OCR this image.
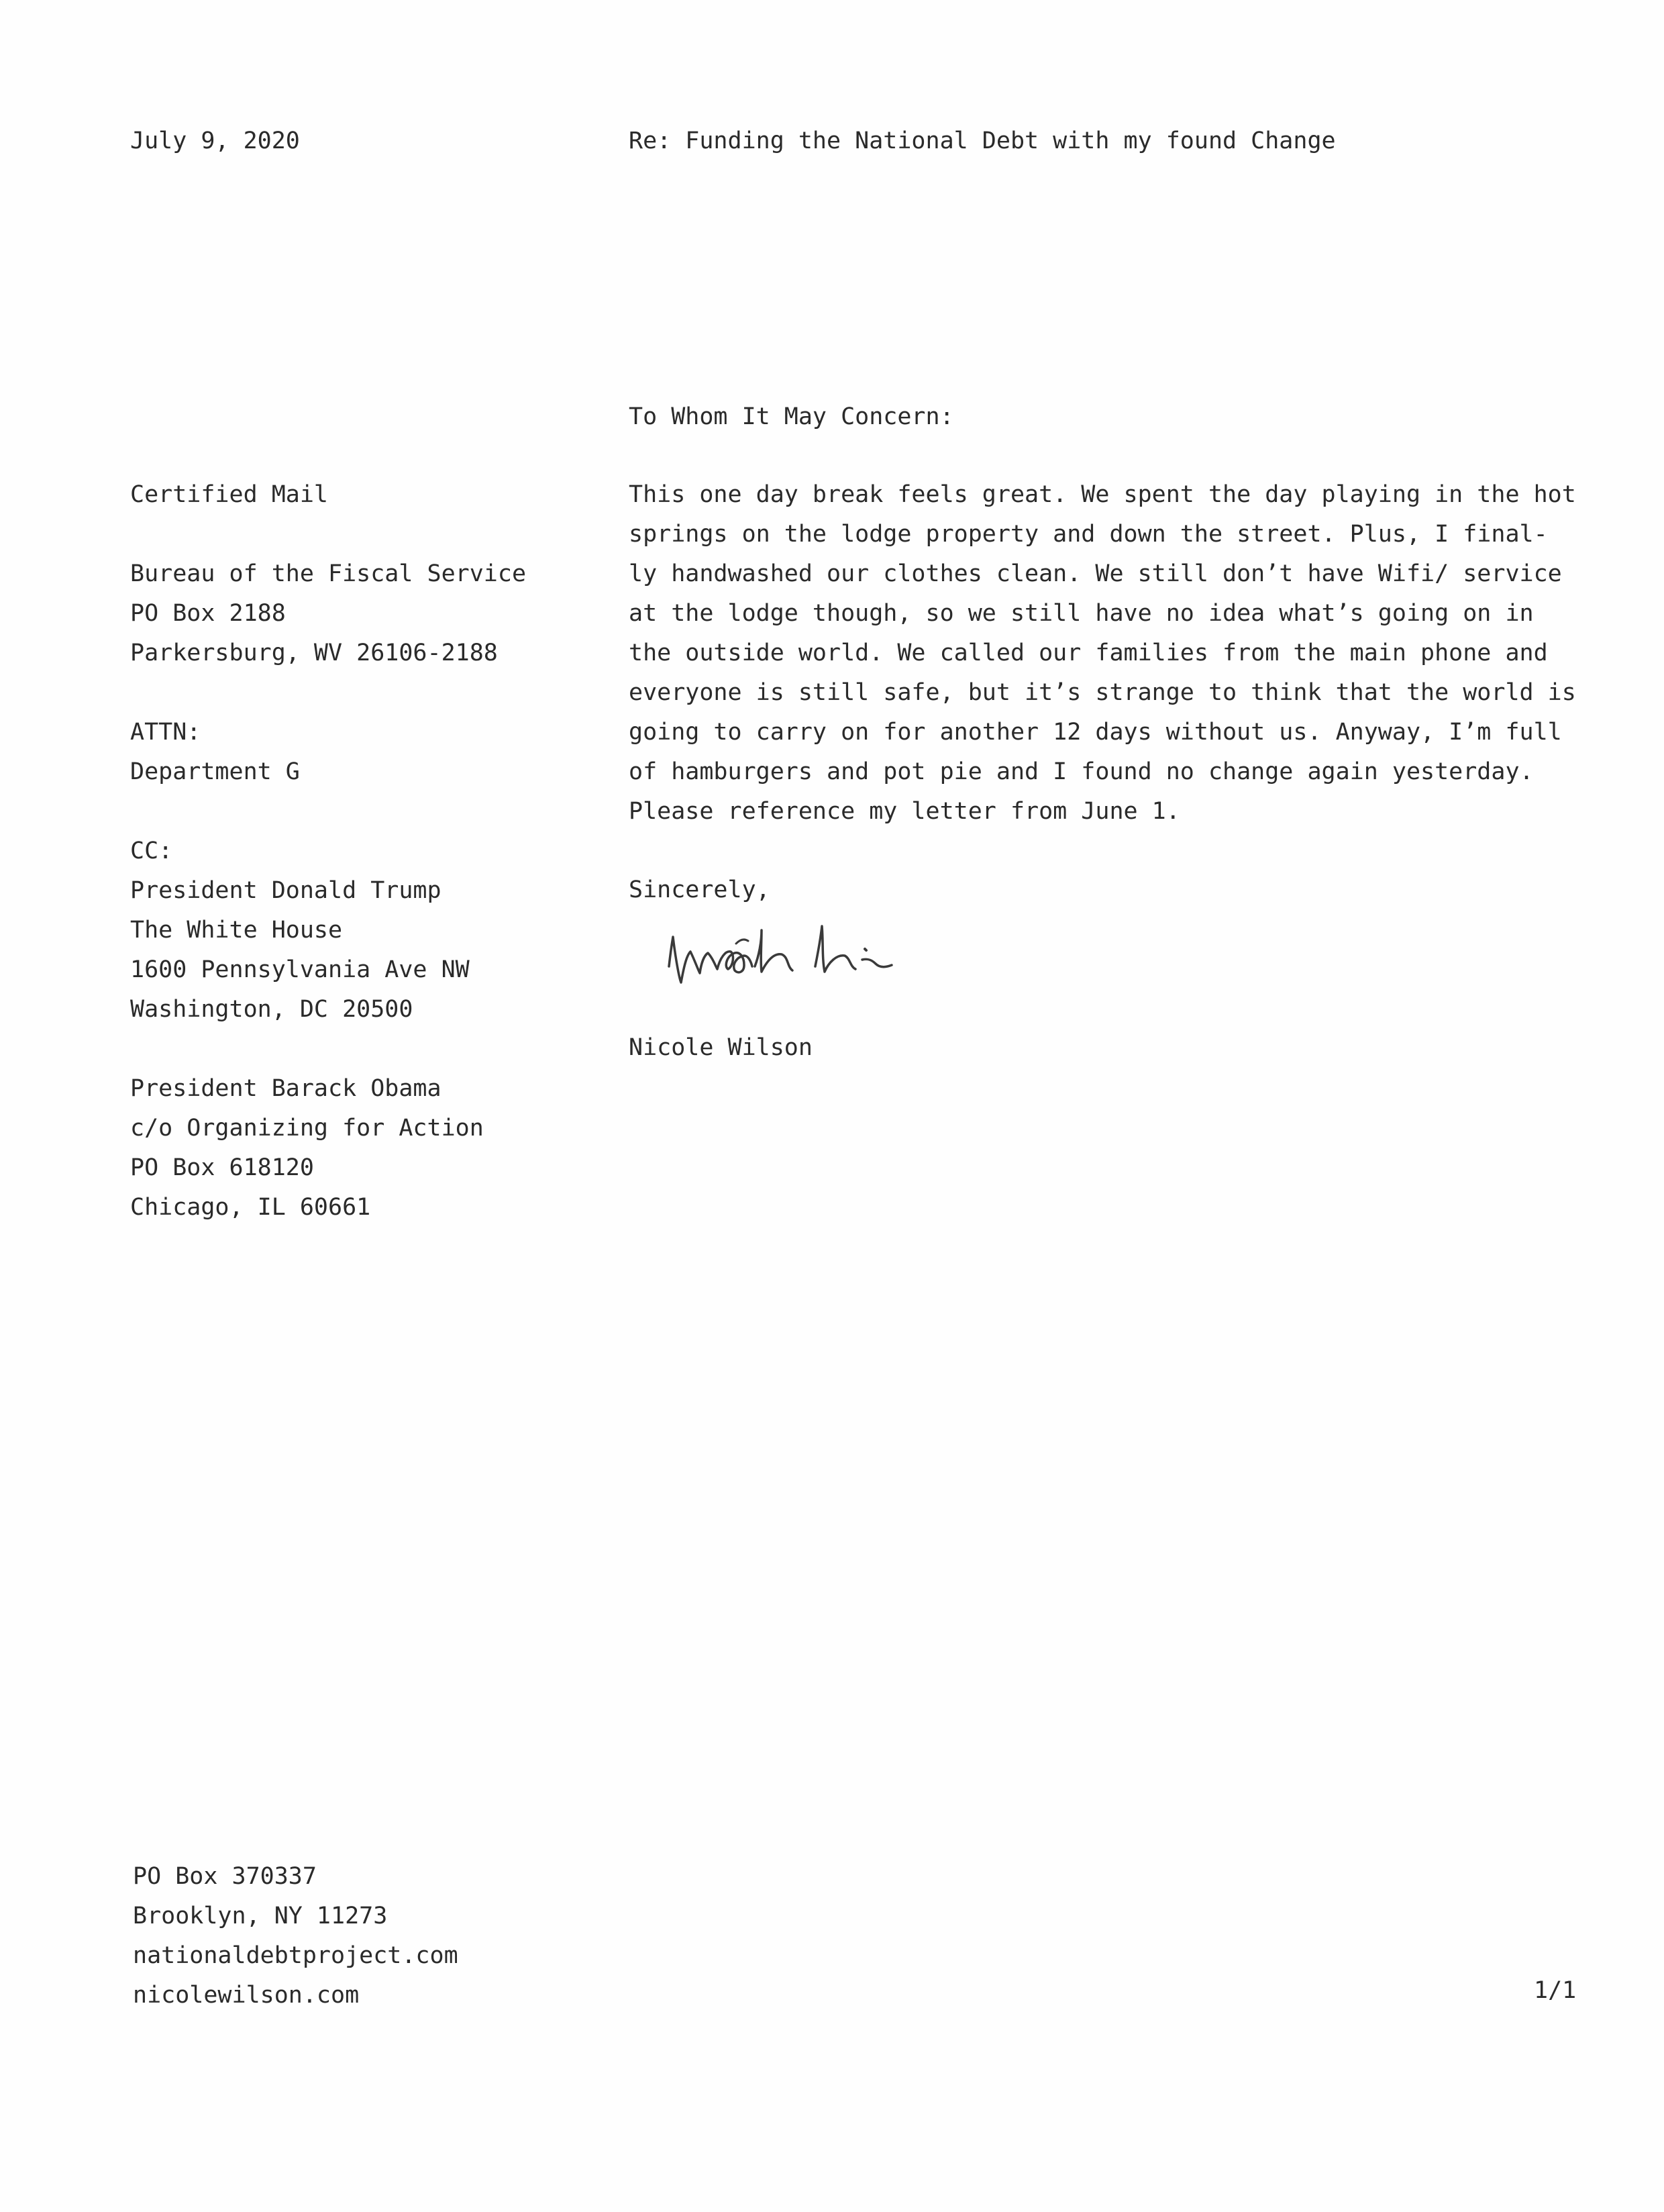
July 9, 2020	Re: Funding the National Debt with my found Change
To Whom It May Concern:
Certified Mail
Bureau of the Fiscal Service
PO Box 2188
Parkersburg, WV 26106-2188
ATTN:
Department G
CC:
President Donald Trump
The White House
1600 Pennsylvania Ave NW
Washington, DC 20500
President Barack Obama
c/o Organizing for Action
PO Box 618120
Chicago, IL 60661
This one day break feels great. We spent the day playing in the hot
springs on the lodge property and down the street. Plus, I final-
ly handwashed our clothes clean. We still don’t have Wifi/ service
at the lodge though, so we still have no idea what’s going on in
the outside world. We called our families from the main phone and
everyone is still safe, but it’s strange to think that the world is
going to carry on for another 12 days without us. Anyway, I’m full
of hamburgers and pot pie and I found no change again yesterday.
Please reference my letter from June 1.
Sincerely,
Nicole Wilson
PO Box 370337
Brooklyn, NY 11273
nationaldebtproject.com
nicolewilson.com	1/1
